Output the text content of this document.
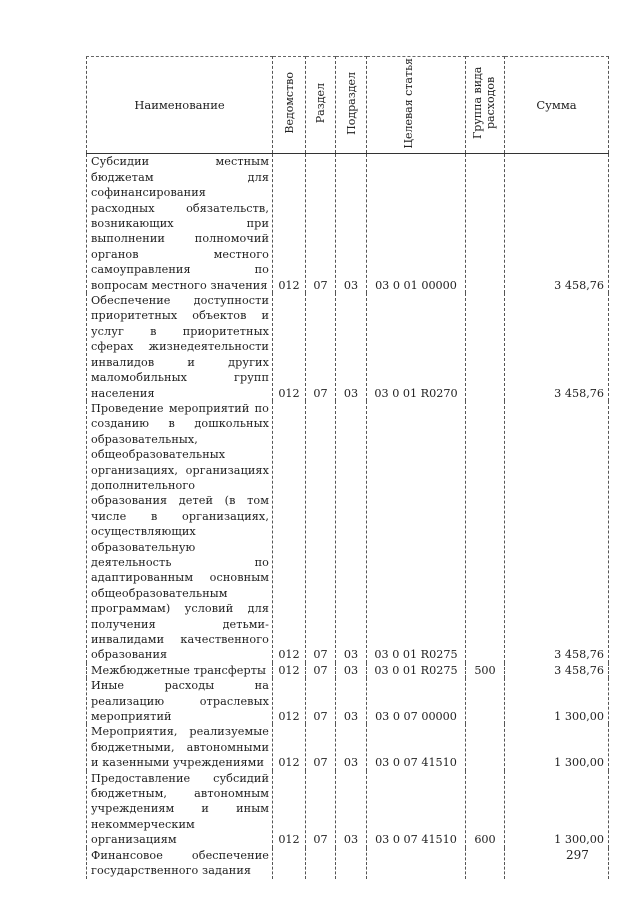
Наименование	Ведомство	Раздел	Подраздел	Целевая статья	Группа вида расходов	Сумма
Субсидии местным бюджетам для софинансирования расходных обязательств, возникающих при выполнении полномочий органов местного самоуправления по вопросам местного значения	012	07	03	03 0 01 00000		3 458,76
Обеспечение доступности приоритетных объектов и услуг в приоритетных сферах жизнедеятельности инвалидов и других маломобильных групп населения	012	07	03	03 0 01 R0270		3 458,76
Проведение мероприятий по созданию в дошкольных образовательных, общеобразовательных организациях, организациях дополнительного образования детей (в том числе в организациях, осуществляющих образовательную деятельность по адаптированным основным общеобразовательным программам) условий для получения детьми-инвалидами качественного образования	012	07	03	03 0 01 R0275		3 458,76
Межбюджетные трансферты	012	07	03	03 0 01 R0275	500	3 458,76
Иные расходы на реализацию отраслевых мероприятий	012	07	03	03 0 07 00000		1 300,00
Мероприятия, реализуемые бюджетными, автономными и казенными учреждениями	012	07	03	03 0 07 41510		1 300,00
Предоставление субсидий бюджетным, автономным учреждениям и иным некоммерческим организациям	012	07	03	03 0 07 41510	600	1 300,00
Финансовое обеспечение государственного задания						
297
